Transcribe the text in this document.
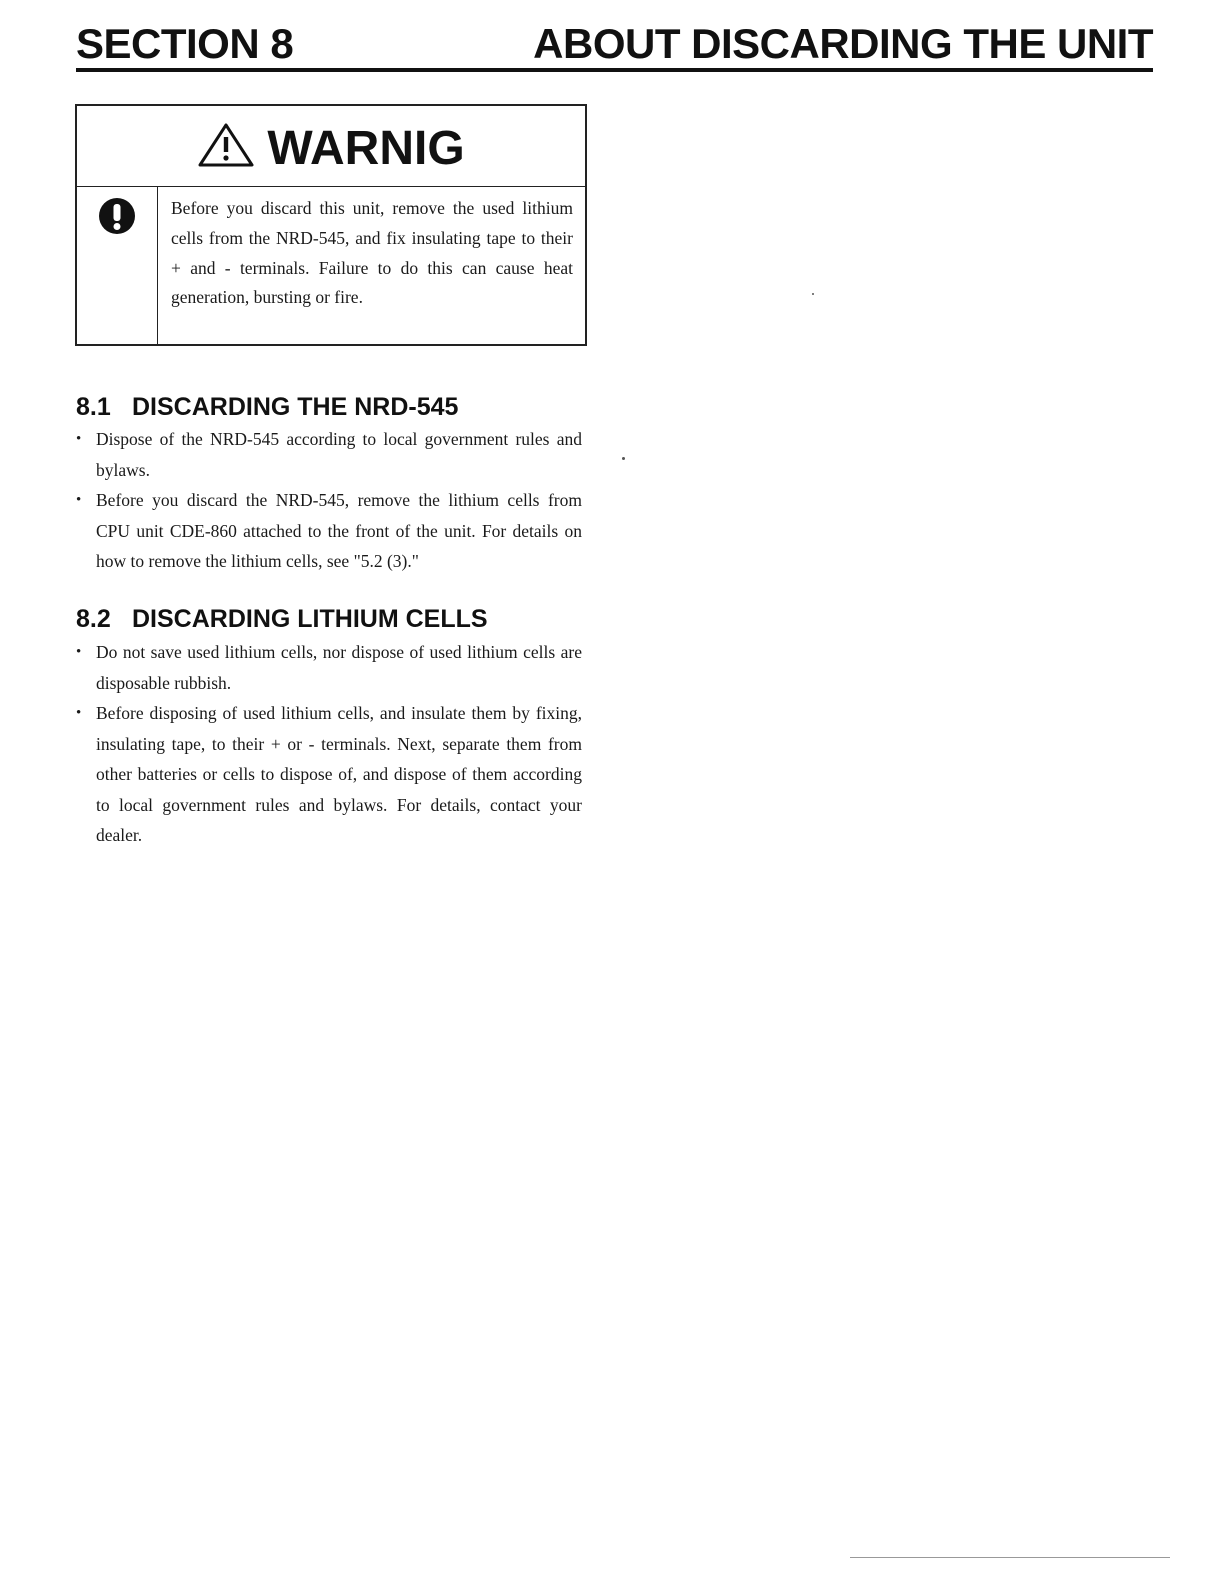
SECTION 8	ABOUT DISCARDING THE UNIT
WARNIG
Before you discard this unit, remove the used lithium cells from the NRD-545, and fix insulating tape to their + and - terminals. Failure to do this can cause heat generation, bursting or fire.
8.1 DISCARDING THE NRD-545
• Dispose of the NRD-545 according to local government rules and bylaws.
• Before you discard the NRD-545, remove the lithium cells from CPU unit CDE-860 attached to the front of the unit. For details on how to remove the lithium cells, see "5.2 (3)."
8.2 DISCARDING LITHIUM CELLS
• Do not save used lithium cells, nor dispose of used lithium cells are disposable rubbish.
• Before disposing of used lithium cells, and insulate them by fixing, insulating tape, to their + or - terminals. Next, separate them from other batteries or cells to dispose of, and dispose of them according to local government rules and bylaws. For details, contact your dealer.
